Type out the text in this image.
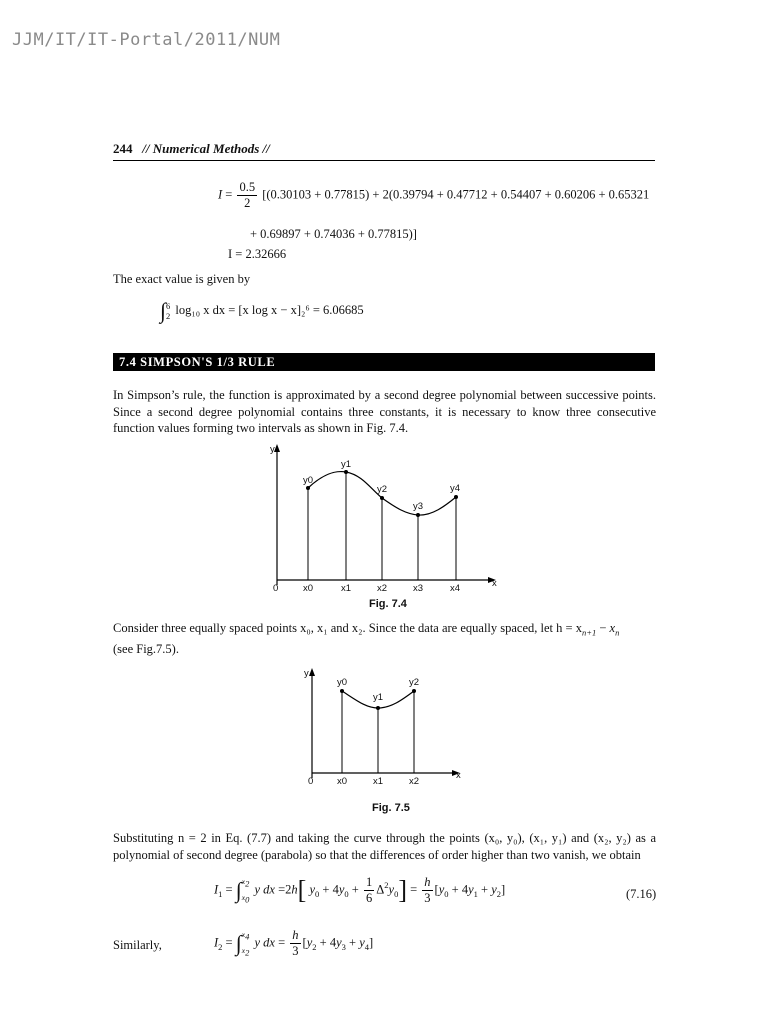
JJM/IT/IT-Portal/2011/NUM
244 // Numerical Methods //
$I = \frac{0.5}{2} [(0.30103 + 0.77815) + 2(0.39794 + 0.47712 + 0.54407 + 0.60206 + 0.65321$
+ 0.69897 + 0.74036 + 0.77815)]
I = 2.32666
The exact value is given by
∫ 6
2 log₁₀ x dx = [x log x − x]₂⁶ = 6.06685
7.4 SIMPSON'S 1/3 RULE
In Simpson’s rule, the function is approximated by a second degree polynomial between successive points. Since a second degree polynomial contains three constants, it is necessary to know three consecutive function values forming two intervals as shown in Fig. 7.4.
y
x
0
y0
y1
y2
y3
y4
x0	x1	x2	x3	x4
Fig. 7.4
Consider three equally spaced points x₀, x₁ and x₂. Since the data are equally spaced, let $h = x_{n+1} - x_n$
(see Fig.7.5).
y
x
0
y0
y1
y2
x0	x1	x2
Fig. 7.5
Substituting n = 2 in Eq. (7.7) and taking the curve through the points (x₀, y₀), (x₁, y₁) and (x₂, y₂) as a polynomial of second degree (parabola) so that the differences of order higher than two vanish, we obtain
$I_1$ = ∫ $x_2$
$x_0$
y dx =2h[ $y_0 + 4y_0 + \frac{1}{6} \Delta^2y_0] = \frac{h}{3} [y_0 + 4y_1 + y_2]$	(7.16)
Similarly,	$I_2$ = ∫ $x_4$
$x_2$
y dx = $\frac{h}{3} [y_2 + 4y_3 + y_4]$
